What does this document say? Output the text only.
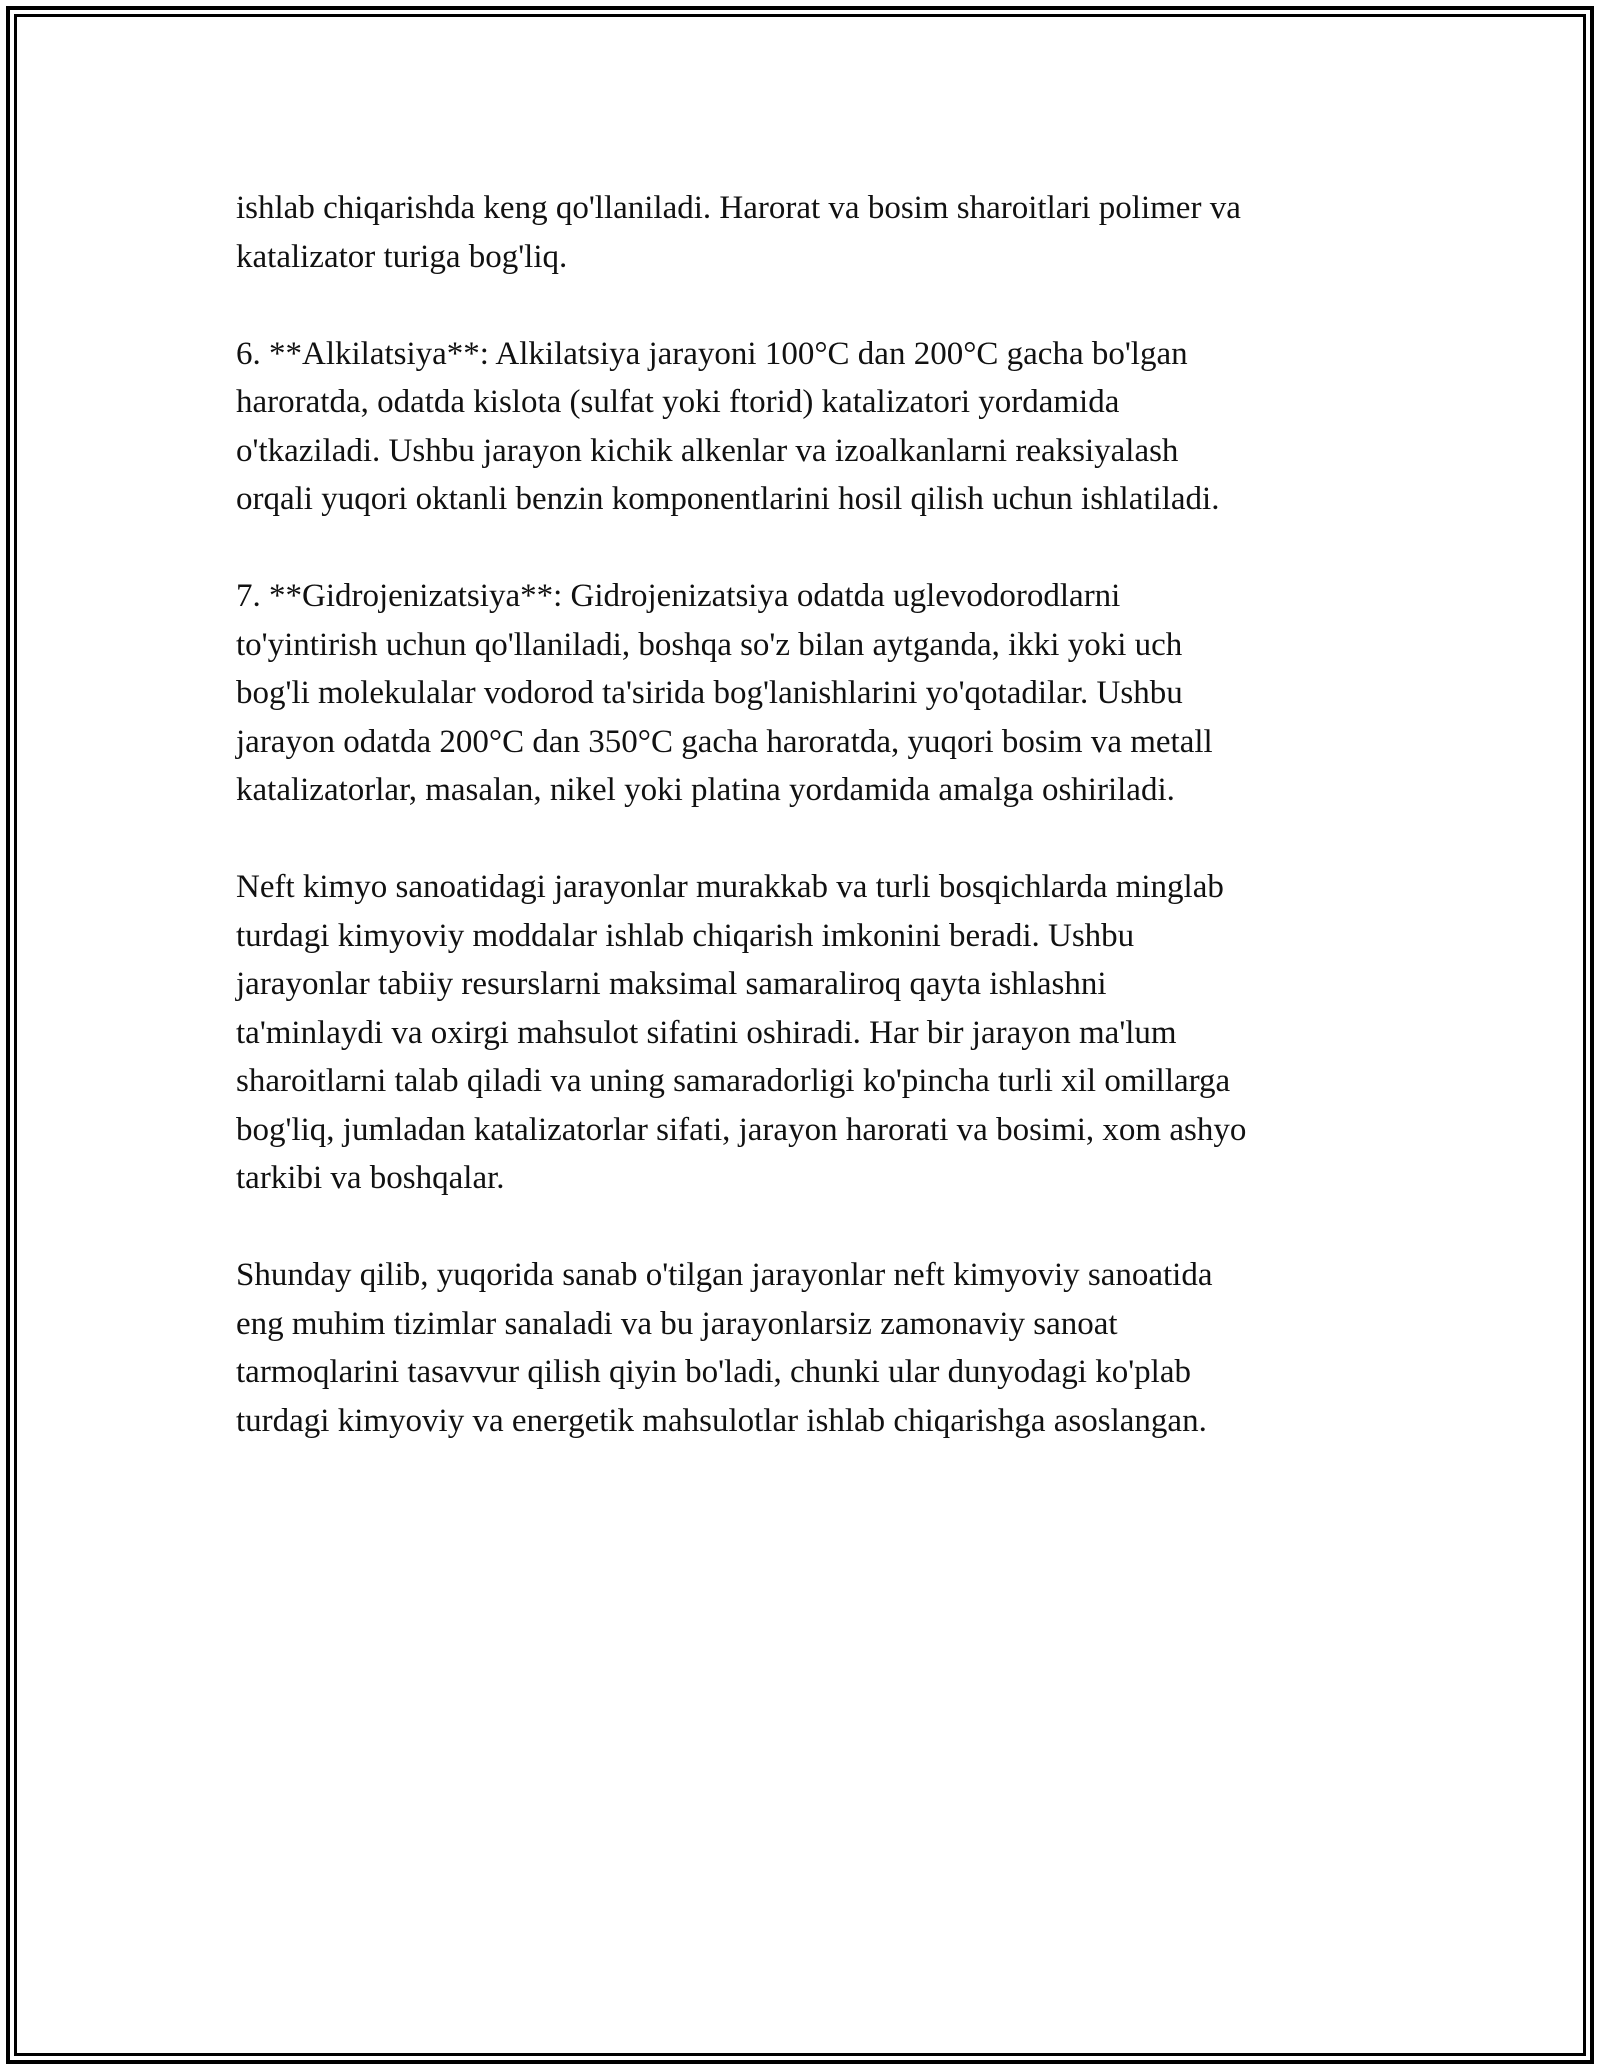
ishlab chiqarishda keng qo'llaniladi. Harorat va bosim sharoitlari polimer va
katalizator turiga bog'liq.
6. **Alkilatsiya**: Alkilatsiya jarayoni 100°C dan 200°C gacha bo'lgan
haroratda, odatda kislota (sulfat yoki ftorid) katalizatori yordamida
o'tkaziladi. Ushbu jarayon kichik alkenlar va izoalkanlarni reaksiyalash
orqali yuqori oktanli benzin komponentlarini hosil qilish uchun ishlatiladi.
7. **Gidrojenizatsiya**: Gidrojenizatsiya odatda uglevodorodlarni
to'yintirish uchun qo'llaniladi, boshqa so'z bilan aytganda, ikki yoki uch
bog'li molekulalar vodorod ta'sirida bog'lanishlarini yo'qotadilar. Ushbu
jarayon odatda 200°C dan 350°C gacha haroratda, yuqori bosim va metall
katalizatorlar, masalan, nikel yoki platina yordamida amalga oshiriladi.
Neft kimyo sanoatidagi jarayonlar murakkab va turli bosqichlarda minglab
turdagi kimyoviy moddalar ishlab chiqarish imkonini beradi. Ushbu
jarayonlar tabiiy resurslarni maksimal samaraliroq qayta ishlashni
ta'minlaydi va oxirgi mahsulot sifatini oshiradi. Har bir jarayon ma'lum
sharoitlarni talab qiladi va uning samaradorligi ko'pincha turli xil omillarga
bog'liq, jumladan katalizatorlar sifati, jarayon harorati va bosimi, xom ashyo
tarkibi va boshqalar.
Shunday qilib, yuqorida sanab o'tilgan jarayonlar neft kimyoviy sanoatida
eng muhim tizimlar sanaladi va bu jarayonlarsiz zamonaviy sanoat
tarmoqlarini tasavvur qilish qiyin bo'ladi, chunki ular dunyodagi ko'plab
turdagi kimyoviy va energetik mahsulotlar ishlab chiqarishga asoslangan.
